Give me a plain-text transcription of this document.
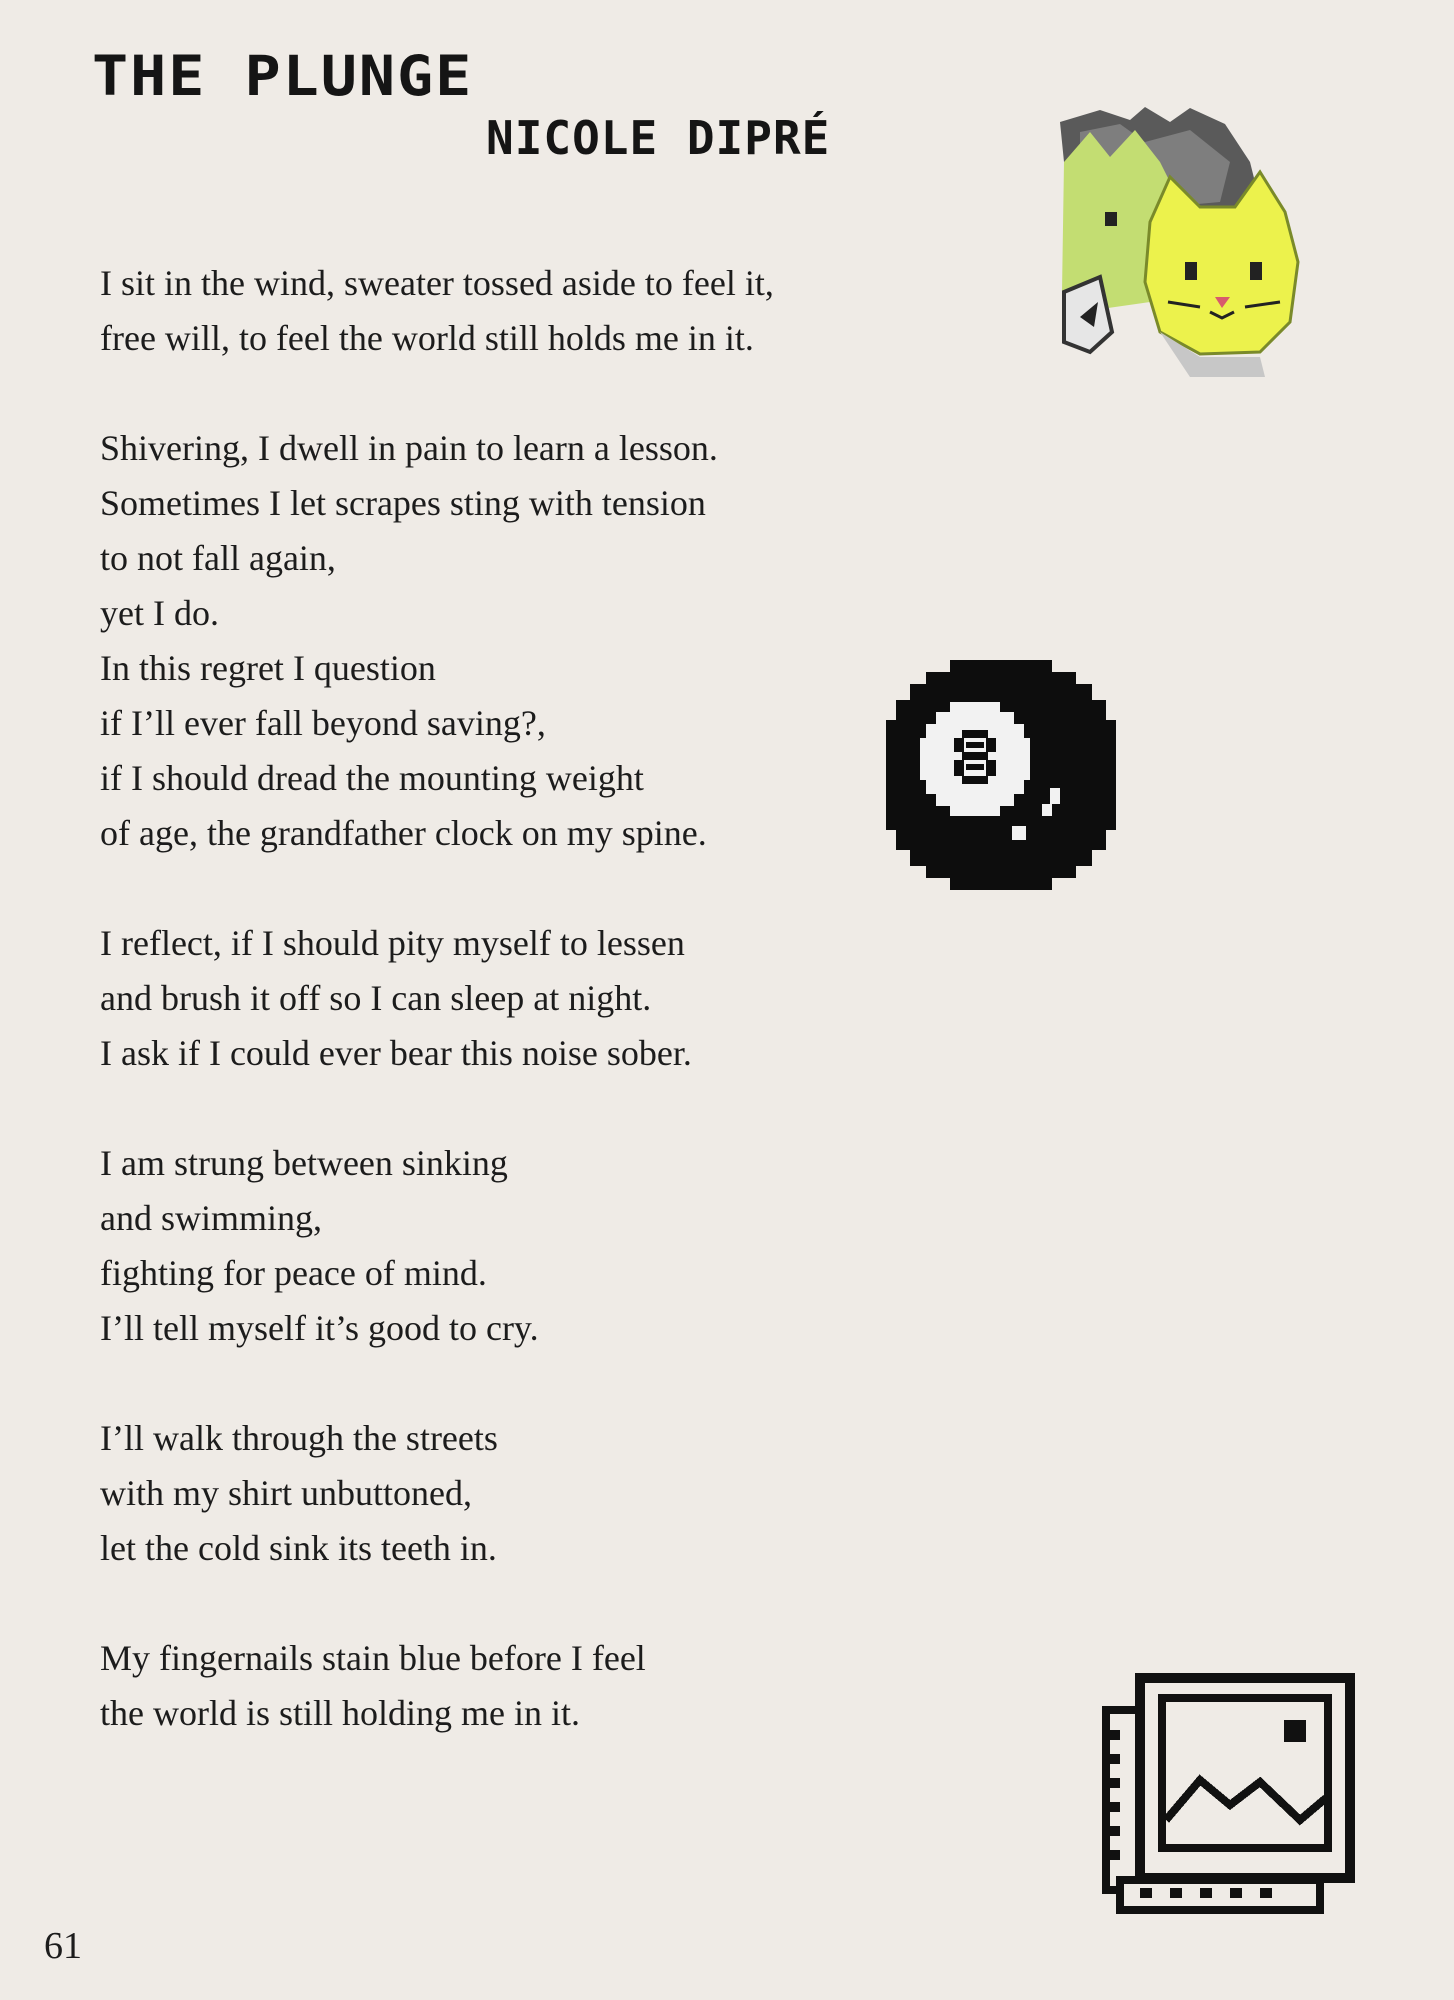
THE PLUNGE
NICOLE DIPRÉ
I sit in the wind, sweater tossed aside to feel it,
free will, to feel the world still holds me in it.
Shivering, I dwell in pain to learn a lesson.
Sometimes I let scrapes sting with tension
to not fall again,
yet I do.
In this regret I question
if I’ll ever fall beyond saving?,
if I should dread the mounting weight
of age, the grandfather clock on my spine.
I reflect, if I should pity myself to lessen
and brush it off so I can sleep at night.
I ask if I could ever bear this noise sober.
I am strung between sinking
and swimming,
fighting for peace of mind.
I’ll tell myself it’s good to cry.
I’ll walk through the streets
with my shirt unbuttoned,
let the cold sink its teeth in.
My fingernails stain blue before I feel
the world is still holding me in it.
61
